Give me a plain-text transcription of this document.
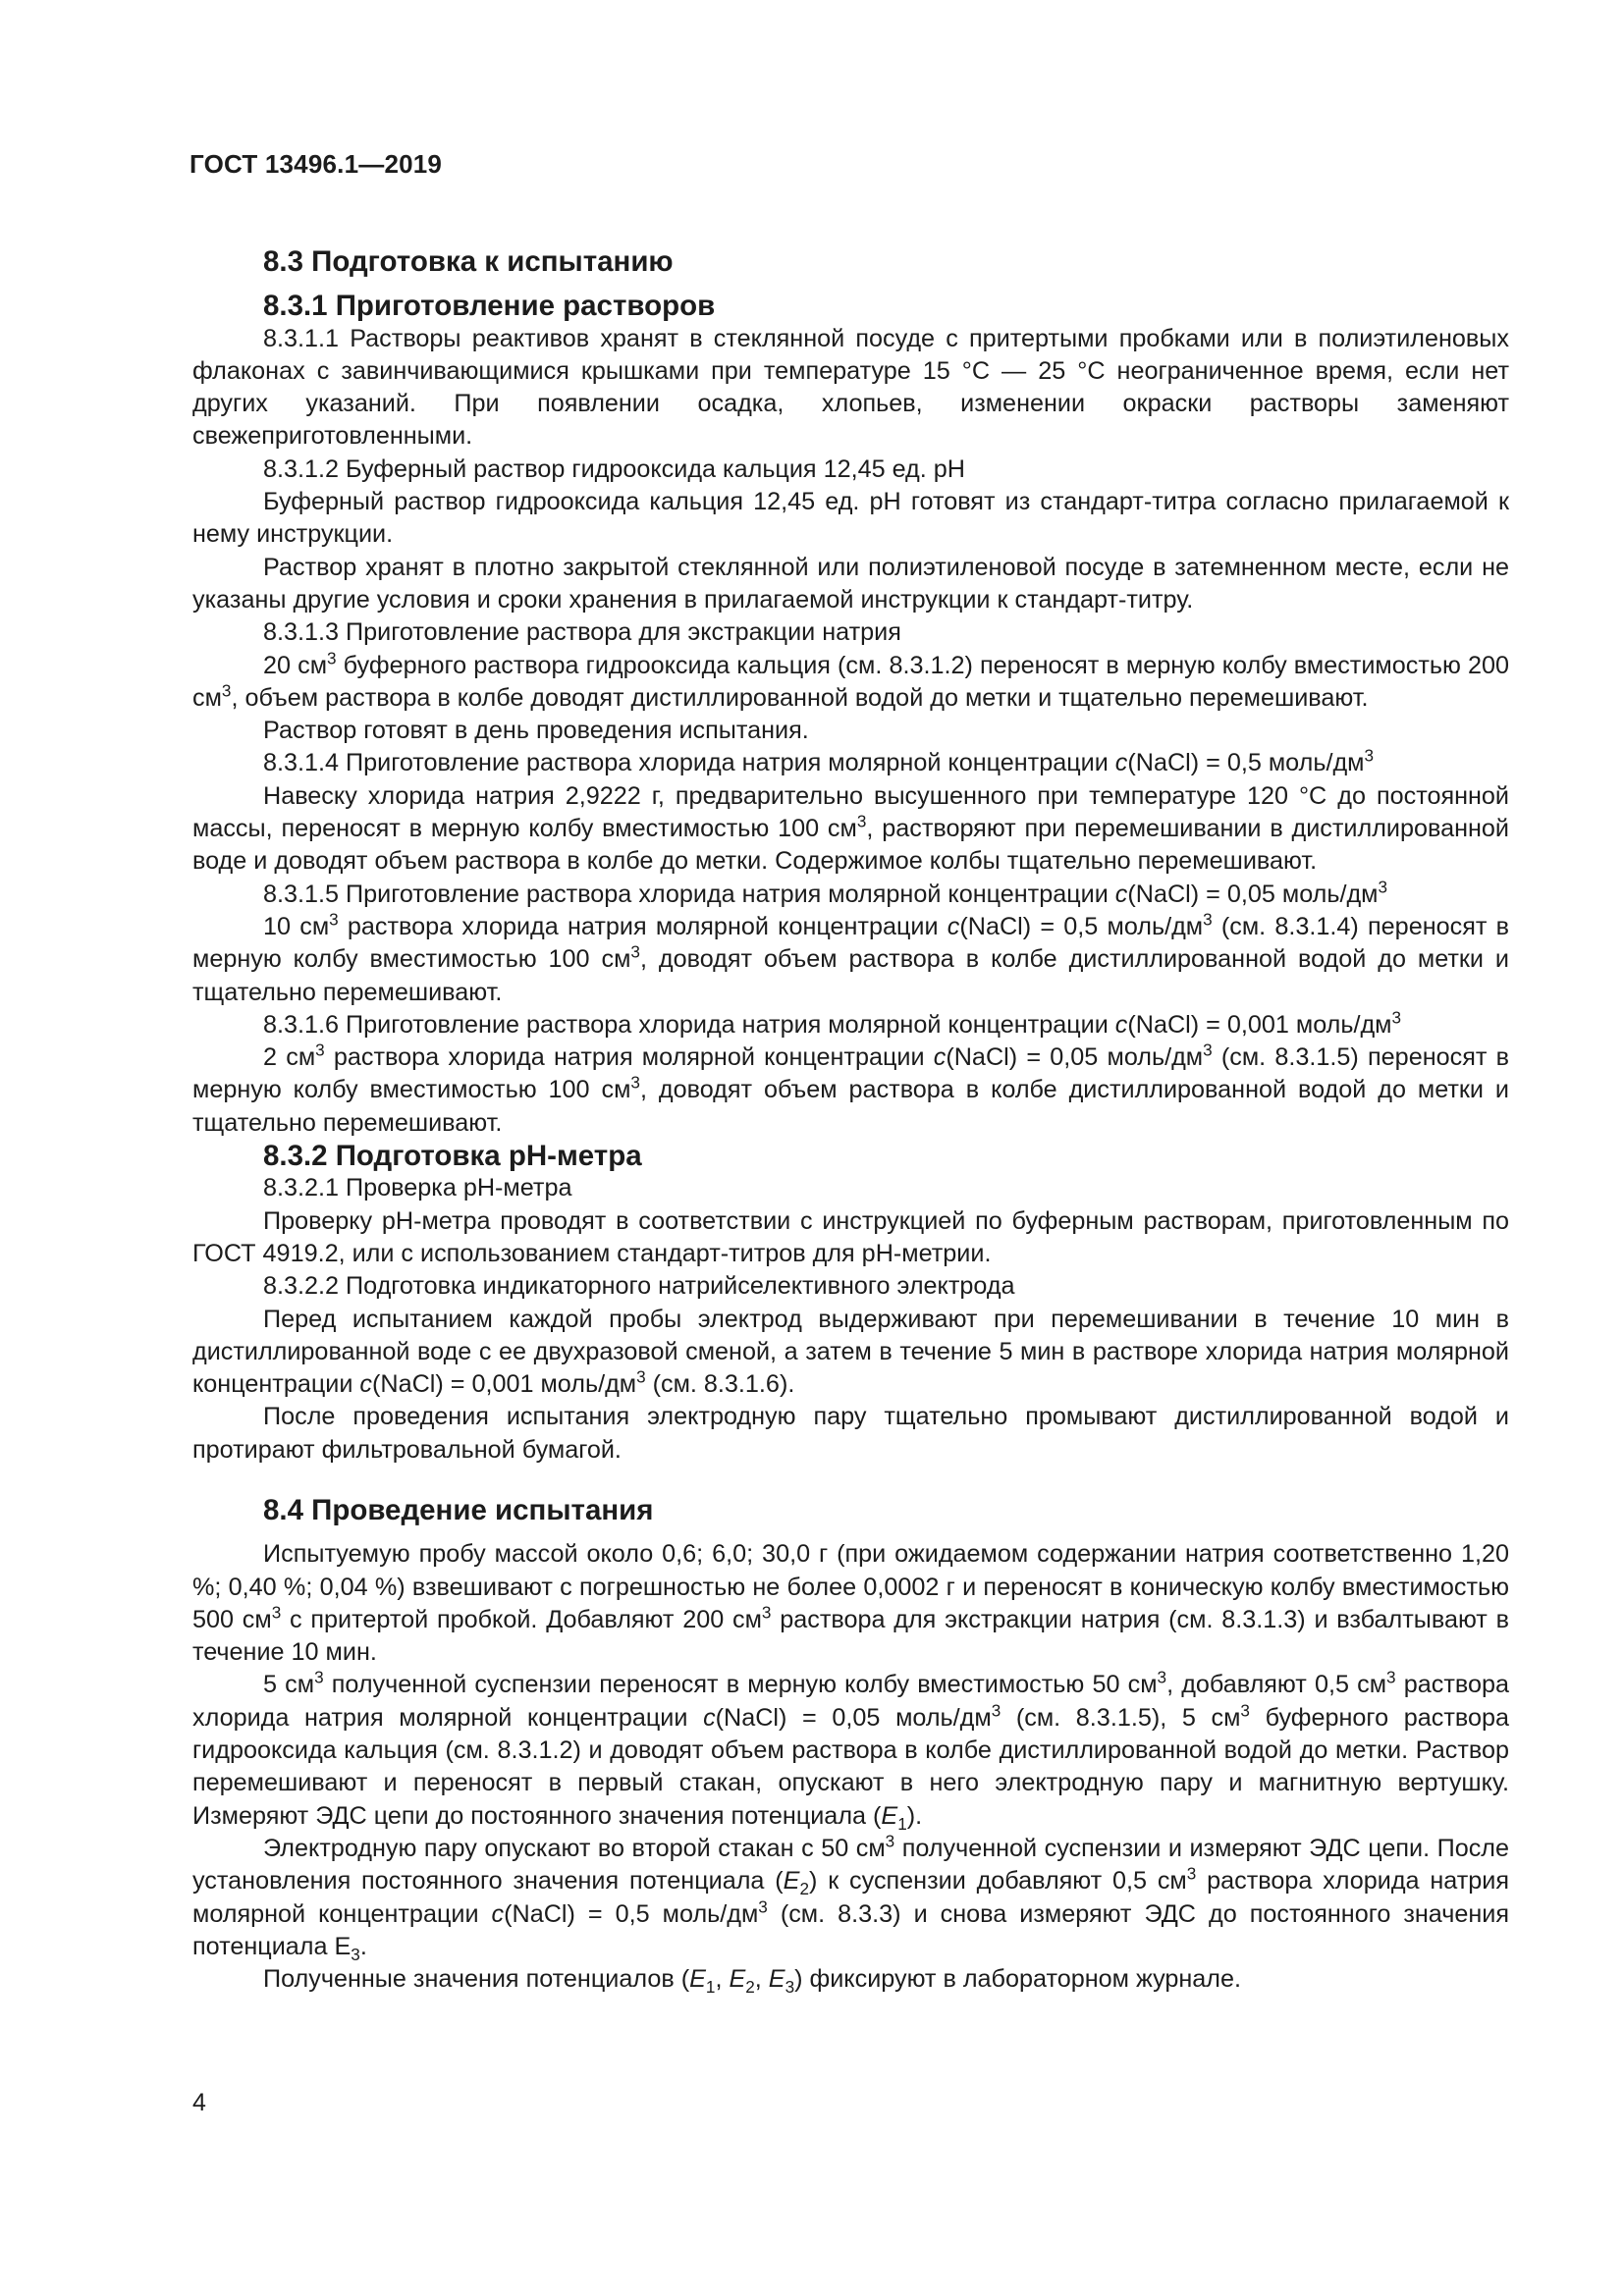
ГОСТ 13496.1—2019
8.3 Подготовка к испытанию
8.3.1 Приготовление растворов

8.3.1.1 Растворы реактивов хранят в стеклянной посуде с притертыми пробками или в полиэтиленовых флаконах с завинчивающимися крышками при температуре 15 °С — 25 °С неограниченное время, если нет других указаний. При появлении осадка, хлопьев, изменении окраски растворы заменяют свежеприготовленными.

8.3.1.2 Буферный раствор гидрооксида кальция 12,45 ед. рН

Буферный раствор гидрооксида кальция 12,45 ед. рН готовят из стандарт-титра согласно прилагаемой к нему инструкции.

Раствор хранят в плотно закрытой стеклянной или полиэтиленовой посуде в затемненном месте, если не указаны другие условия и сроки хранения в прилагаемой инструкции к стандарт-титру.

8.3.1.3 Приготовление раствора для экстракции натрия

20 $см^3$ буферного раствора гидрооксида кальция (см. 8.3.1.2) переносят в мерную колбу вместимостью 200 $см^3$, объем раствора в колбе доводят дистиллированной водой до метки и тщательно перемешивают.

Раствор готовят в день проведения испытания.

8.3.1.4 Приготовление раствора хлорида натрия молярной концентрации с(NaCl) = 0,5 моль/$дм^3$

Навеску хлорида натрия 2,9222 г, предварительно высушенного при температуре 120 °С до постоянной массы, переносят в мерную колбу вместимостью 100 $см^3$, растворяют при перемешивании в дистиллированной воде и доводят объем раствора в колбе до метки. Содержимое колбы тщательно перемешивают.

8.3.1.5 Приготовление раствора хлорида натрия молярной концентрации с(NaCl) = 0,05 моль/$дм^3$

10 $см^3$ раствора хлорида натрия молярной концентрации с(NaCl) = 0,5 моль/$дм^3$ (см. 8.3.1.4) переносят в мерную колбу вместимостью 100 $см^3$, доводят объем раствора в колбе дистиллированной водой до метки и тщательно перемешивают.

8.3.1.6 Приготовление раствора хлорида натрия молярной концентрации с(NaCl) = 0,001 моль/$дм^3$

2 $см^3$ раствора хлорида натрия молярной концентрации с(NaCl) = 0,05 моль/$дм^3$ (см. 8.3.1.5) переносят в мерную колбу вместимостью 100 $см^3$, доводят объем раствора в колбе дистиллированной водой до метки и тщательно перемешивают.

8.3.2 Подготовка рН-метра

8.3.2.1 Проверка рН-метра

Проверку рН-метра проводят в соответствии с инструкцией по буферным растворам, приготовленным по ГОСТ 4919.2, или с использованием стандарт-титров для рН-метрии.

8.3.2.2 Подготовка индикаторного натрийселективного электрода

Перед испытанием каждой пробы электрод выдерживают при перемешивании в течение 10 мин в дистиллированной воде с ее двухразовой сменой, а затем в течение 5 мин в растворе хлорида натрия молярной концентрации с(NaCl) = 0,001 моль/$дм^3$ (см. 8.3.1.6).

После проведения испытания электродную пару тщательно промывают дистиллированной водой и протирают фильтровальной бумагой.

8.4 Проведение испытания

Испытуемую пробу массой около 0,6; 6,0; 30,0 г (при ожидаемом содержании натрия соответственно 1,20 %; 0,40 %; 0,04 %) взвешивают с погрешностью не более 0,0002 г и переносят в коническую колбу вместимостью 500 $см^3$ с притертой пробкой. Добавляют 200 $см^3$ раствора для экстракции натрия (см. 8.3.1.3) и взбалтывают в течение 10 мин.

5 $см^3$ полученной суспензии переносят в мерную колбу вместимостью 50 $см^3$, добавляют 0,5 $см^3$ раствора хлорида натрия молярной концентрации с(NaCl) = 0,05 моль/$дм^3$ (см. 8.3.1.5), 5 $см^3$ буферного раствора гидрооксида кальция (см. 8.3.1.2) и доводят объем раствора в колбе дистиллированной водой до метки. Раствор перемешивают и переносят в первый стакан, опускают в него электродную пару и магнитную вертушку. Измеряют ЭДС цепи до постоянного значения потенциала $(Е_1)$.

Электродную пару опускают во второй стакан с 50 $см^3$ полученной суспензии и измеряют ЭДС цепи. После установления постоянного значения потенциала $(Е_2)$ к суспензии добавляют 0,5 $см^3$ раствора хлорида натрия молярной концентрации с(NaCl) = 0,5 моль/$дм^3$ (см. 8.3.3) и снова измеряют ЭДС до постоянного значения потенциала $Е_3$.

Полученные значения потенциалов ($Е_1$, $Е_2$, $Е_3$) фиксируют в лабораторном журнале.

4
